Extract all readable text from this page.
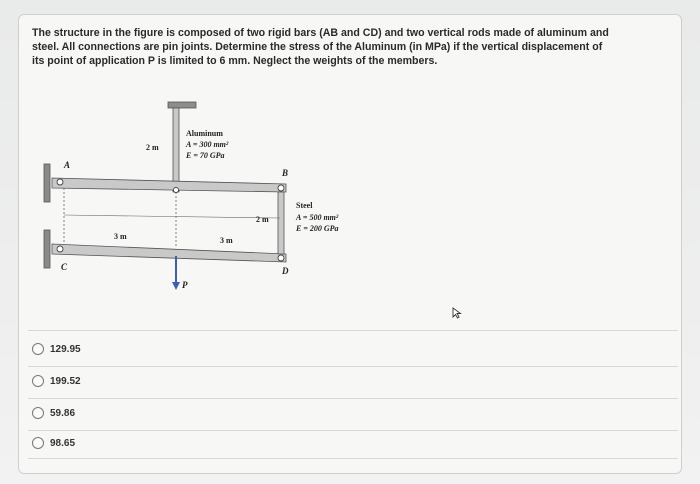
The structure in the figure is composed of two rigid bars (AB and CD) and two vertical rods made of aluminum and

steel. All connections are pin joints. Determine the stress of the Aluminum (in MPa) if the vertical displacement of

its point of application P is limited to 6 mm. Neglect the weights of the members.

A
B
C	D
P
3 m	3 m
2 m
2 m
Aluminum
A = 300 mm²
E = 70 GPa
Steel
A = 500 mm²
E = 200 GPa
129.95
199.52
59.86
98.65
